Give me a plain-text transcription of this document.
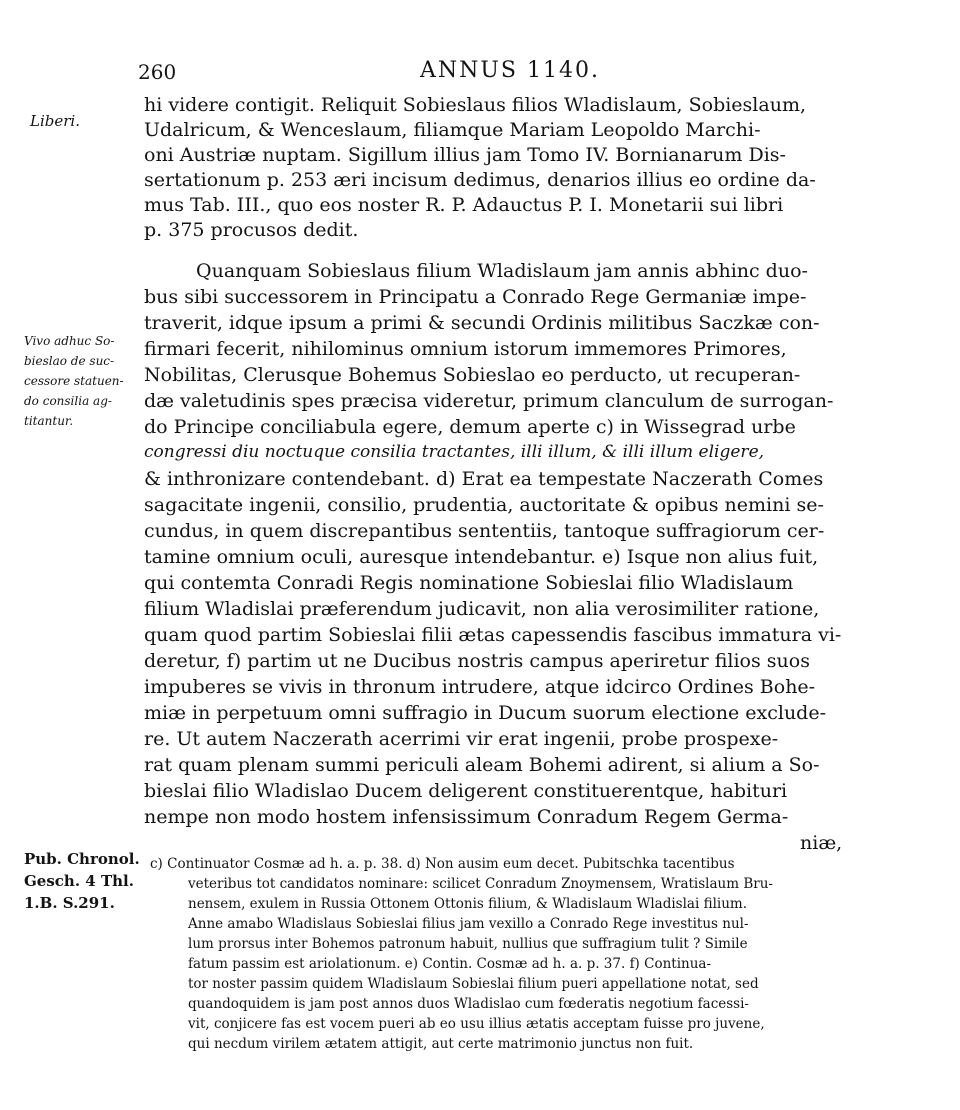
260	ANNUS 1140.
Liberi.
Vivo adhuc So-
bieslao de suc-
cessore statuen-
do consilia ag-
titantur.
Pub. Chronol.
Gesch. 4 Thl.
1.B. S.291.
hi videre contigit. Reliquit Sobieslaus filios Wladislaum, Sobieslaum,
Udalricum, & Wenceslaum, filiamque Mariam Leopoldo Marchi-
oni Austriæ nuptam. Sigillum illius jam Tomo IV. Bornianarum Dis-
sertationum p. 253 æri incisum dedimus, denarios illius eo ordine da-
mus Tab. III., quo eos noster R. P. Adauctus P. I. Monetarii sui libri
p. 375 procusos dedit.
Quanquam Sobieslaus filium Wladislaum jam annis abhinc duo-
bus sibi successorem in Principatu a Conrado Rege Germaniæ impe-
traverit, idque ipsum a primi & secundi Ordinis militibus Saczkæ con-
firmari fecerit, nihilominus omnium istorum immemores Primores,
Nobilitas, Clerusque Bohemus Sobieslao eo perducto, ut recuperan-
dæ valetudinis spes præcisa videretur, primum clanculum de surrogan-
do Principe conciliabula egere, demum aperte c) in Wissegrad urbe
congressi diu noctuque consilia tractantes, illi illum, & illi illum eligere,
& inthronizare contendebant. d) Erat ea tempestate Naczerath Comes
sagacitate ingenii, consilio, prudentia, auctoritate & opibus nemini se-
cundus, in quem discrepantibus sententiis, tantoque suffragiorum cer-
tamine omnium oculi, auresque intendebantur. e) Isque non alius fuit,
qui contemta Conradi Regis nominatione Sobieslai filio Wladislaum
filium Wladislai præferendum judicavit, non alia verosimiliter ratione,
quam quod partim Sobieslai filii ætas capessendis fascibus immatura vi-
deretur, f) partim ut ne Ducibus nostris campus aperiretur filios suos
impuberes se vivis in thronum intrudere, atque idcirco Ordines Bohe-
miæ in perpetuum omni suffragio in Ducum suorum electione exclude-
re. Ut autem Naczerath acerrimi vir erat ingenii, probe prospexe-
rat quam plenam summi periculi aleam Bohemi adirent, si alium a So-
bieslai filio Wladislao Ducem deligerent constituerentque, habituri
nempe non modo hostem infensissimum Conradum Regem Germa-
niæ,
c) Continuator Cosmæ ad h. a. p. 38. d) Non ausim eum decet. Pubitschka tacentibus
veteribus tot candidatos nominare: scilicet Conradum Znoymensem, Wratislaum Bru-
nensem, exulem in Russia Ottonem Ottonis filium, & Wladislaum Wladislai filium.
Anne amabo Wladislaus Sobieslai filius jam vexillo a Conrado Rege investitus nul-
lum prorsus inter Bohemos patronum habuit, nullius que suffragium tulit ? Simile
fatum passim est ariolationum. e) Contin. Cosmæ ad h. a. p. 37. f) Continua-
tor noster passim quidem Wladislaum Sobieslai filium pueri appellatione notat, sed
quandoquidem is jam post annos duos Wladislao cum fœderatis negotium facessi-
vit, conjicere fas est vocem pueri ab eo usu illius ætatis acceptam fuisse pro juvene,
qui necdum virilem ætatem attigit, aut certe matrimonio junctus non fuit.
